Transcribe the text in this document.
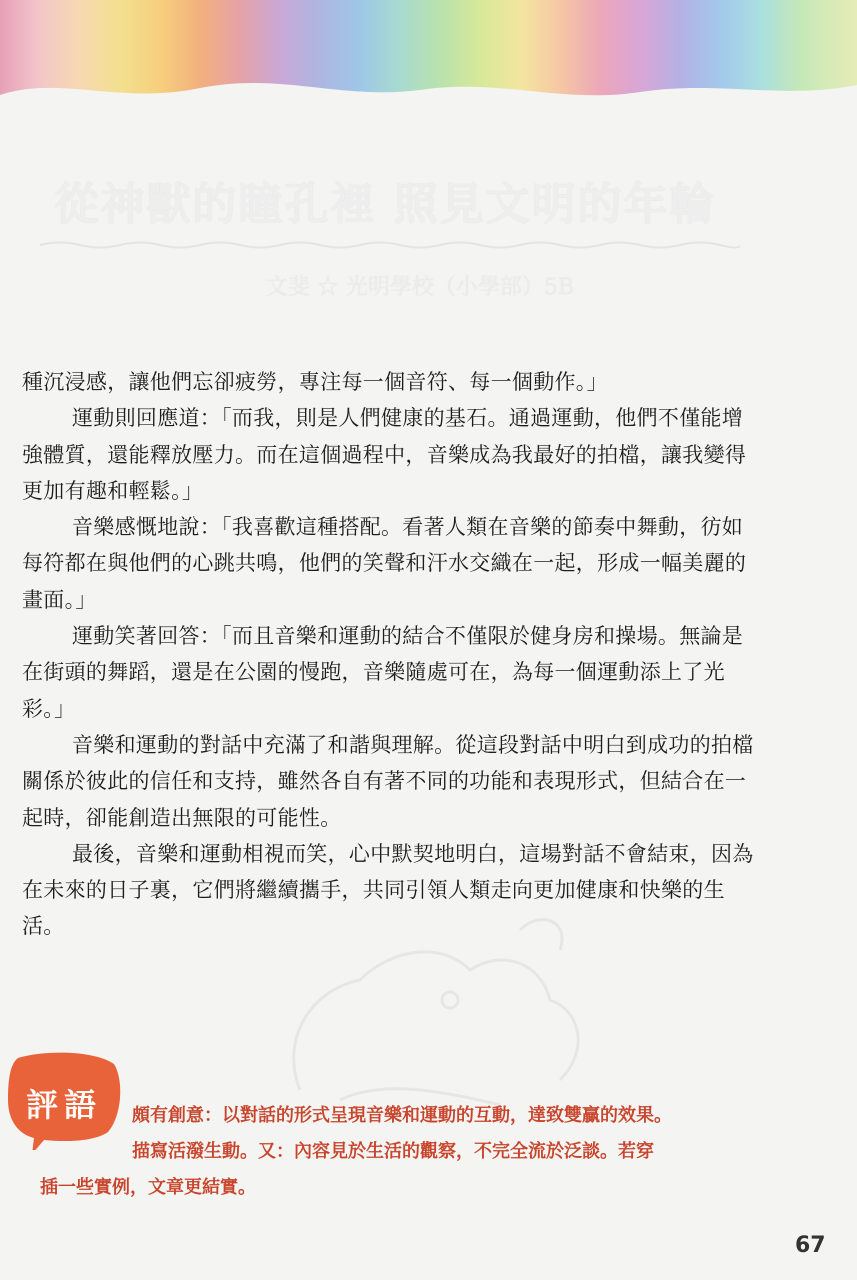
從神獸的瞳孔裡 照見文明的年輪
文斐 ☆ 光明學校（小學部）5B

種沉浸感，讓他們忘卻疲勞，專注每一個音符、每一個動作。」

運動則回應道：「而我，則是人們健康的基石。通過運動，他們不僅能增強體質，還能釋放壓力。而在這個過程中，音樂成為我最好的拍檔，讓我變得更加有趣和輕鬆。」

音樂感慨地說：「我喜歡這種搭配。看著人類在音樂的節奏中舞動，彷如每符都在與他們的心跳共鳴，他們的笑聲和汗水交織在一起，形成一幅美麗的畫面。」

運動笑著回答：「而且音樂和運動的結合不僅限於健身房和操場。無論是在街頭的舞蹈，還是在公園的慢跑，音樂隨處可在，為每一個運動添上了光彩。」

音樂和運動的對話中充滿了和諧與理解。從這段對話中明白到成功的拍檔關係於彼此的信任和支持，雖然各自有著不同的功能和表現形式，但結合在一起時，卻能創造出無限的可能性。

最後，音樂和運動相視而笑，心中默契地明白，這場對話不會結束，因為在未來的日子裏，它們將繼續攜手，共同引領人類走向更加健康和快樂的生活。

評語	頗有創意：以對話的形式呈現音樂和運動的互動，達致雙贏的效果。
描寫活潑生動。又：內容見於生活的觀察，不完全流於泛談。若穿
插一些實例，文章更結實。
67
